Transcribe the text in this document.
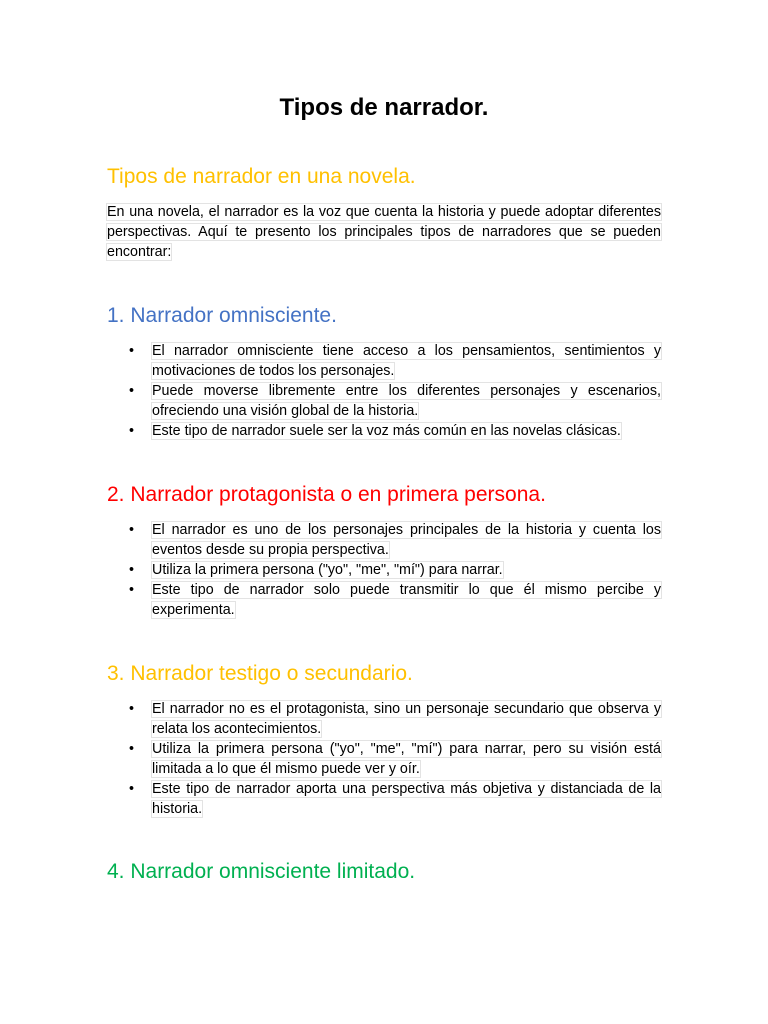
Tipos de narrador.
Tipos de narrador en una novela.

En una novela, el narrador es la voz que cuenta la historia y puede adoptar diferentes perspectivas. Aquí te presento los principales tipos de narradores que se pueden encontrar:

1. Narrador omnisciente.
• El narrador omnisciente tiene acceso a los pensamientos, sentimientos y motivaciones de todos los personajes.
• Puede moverse libremente entre los diferentes personajes y escenarios, ofreciendo una visión global de la historia.
• Este tipo de narrador suele ser la voz más común en las novelas clásicas.
2. Narrador protagonista o en primera persona.
• El narrador es uno de los personajes principales de la historia y cuenta los eventos desde su propia perspectiva.
• Utiliza la primera persona ("yo", "me", "mí") para narrar.
• Este tipo de narrador solo puede transmitir lo que él mismo percibe y experimenta.
3. Narrador testigo o secundario.
• El narrador no es el protagonista, sino un personaje secundario que observa y relata los acontecimientos.
• Utiliza la primera persona ("yo", "me", "mí") para narrar, pero su visión está limitada a lo que él mismo puede ver y oír.
• Este tipo de narrador aporta una perspectiva más objetiva y distanciada de la historia.
4. Narrador omnisciente limitado.
